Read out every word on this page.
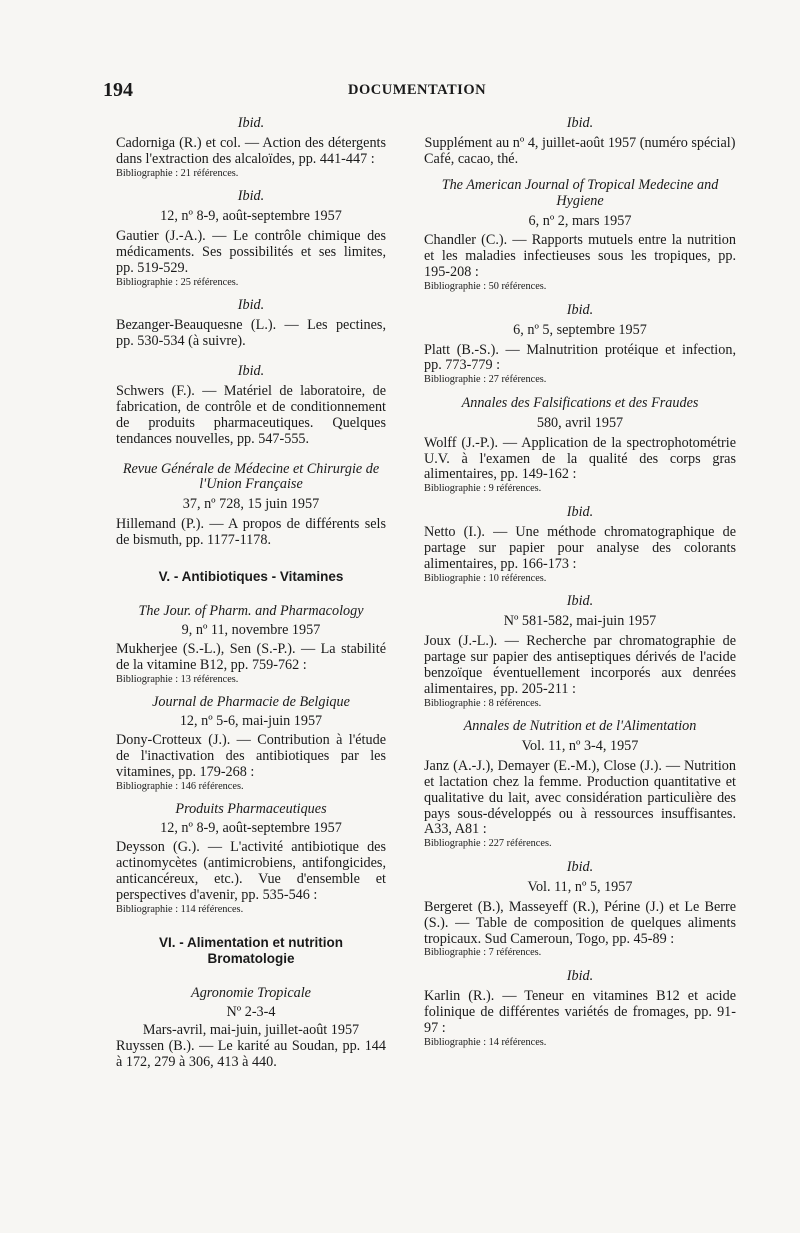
194	DOCUMENTATION

Ibid.

Cadorniga (R.) et col. — Action des détergents dans l'extraction des alcaloïdes, pp. 441-447 :

Bibliographie : 21 références.

Ibid.

12, nº 8-9, août-septembre 1957

Gautier (J.-A.). — Le contrôle chimique des médicaments. Ses possibilités et ses limites, pp. 519-529.

Bibliographie : 25 références.

Ibid.

Bezanger-Beauquesne (L.). — Les pectines, pp. 530-534 (à suivre).

Ibid.

Schwers (F.). — Matériel de laboratoire, de fabrication, de contrôle et de conditionnement de produits pharmaceutiques. Quelques tendances nouvelles, pp. 547-555.

Revue Générale de Médecine et Chirurgie de l'Union Française

37, nº 728, 15 juin 1957

Hillemand (P.). — A propos de différents sels de bismuth, pp. 1177-1178.

V. - Antibiotiques - Vitamines

The Jour. of Pharm. and Pharmacology

9, nº 11, novembre 1957

Mukherjee (S.-L.), Sen (S.-P.). — La stabilité de la vitamine B12, pp. 759-762 :

Bibliographie : 13 références.

Journal de Pharmacie de Belgique

12, nº 5-6, mai-juin 1957

Dony-Crotteux (J.). — Contribution à l'étude de l'inactivation des antibiotiques par les vitamines, pp. 179-268 :

Bibliographie : 146 références.

Produits Pharmaceutiques

12, nº 8-9, août-septembre 1957

Deysson (G.). — L'activité antibiotique des actinomycètes (antimicrobiens, antifongicides, anticancéreux, etc.). Vue d'ensemble et perspectives d'avenir, pp. 535-546 :

Bibliographie : 114 références.

VI. - Alimentation et nutrition

Bromatologie

Agronomie Tropicale

Nº 2-3-4

Mars-avril, mai-juin, juillet-août 1957

Ruyssen (B.). — Le karité au Soudan, pp. 144 à 172, 279 à 306, 413 à 440.

Ibid.

Supplément au nº 4, juillet-août 1957 (numéro spécial)

Café, cacao, thé.

The American Journal of Tropical Medecine and Hygiene

6, nº 2, mars 1957

Chandler (C.). — Rapports mutuels entre la nutrition et les maladies infectieuses sous les tropiques, pp. 195-208 :

Bibliographie : 50 références.

Ibid.

6, nº 5, septembre 1957

Platt (B.-S.). — Malnutrition protéique et infection, pp. 773-779 :

Bibliographie : 27 références.

Annales des Falsifications et des Fraudes

580, avril 1957

Wolff (J.-P.). — Application de la spectrophotométrie U.V. à l'examen de la qualité des corps gras alimentaires, pp. 149-162 :

Bibliographie : 9 références.

Ibid.

Netto (I.). — Une méthode chromatographique de partage sur papier pour analyse des colorants alimentaires, pp. 166-173 :

Bibliographie : 10 références.

Ibid.

Nº 581-582, mai-juin 1957

Joux (J.-L.). — Recherche par chromatographie de partage sur papier des antiseptiques dérivés de l'acide benzoïque éventuellement incorporés aux denrées alimentaires, pp. 205-211 :

Bibliographie : 8 références.

Annales de Nutrition et de l'Alimentation

Vol. 11, nº 3-4, 1957

Janz (A.-J.), Demayer (E.-M.), Close (J.). — Nutrition et lactation chez la femme. Production quantitative et qualitative du lait, avec considération particulière des pays sous-développés ou à ressources insuffisantes. A33, A81 :

Bibliographie : 227 références.

Ibid.

Vol. 11, nº 5, 1957

Bergeret (B.), Masseyeff (R.), Périne (J.) et Le Berre (S.). — Table de composition de quelques aliments tropicaux. Sud Cameroun, Togo, pp. 45-89 :

Bibliographie : 7 références.

Ibid.

Karlin (R.). — Teneur en vitamines B12 et acide folinique de différentes variétés de fromages, pp. 91-97 :

Bibliographie : 14 références.
